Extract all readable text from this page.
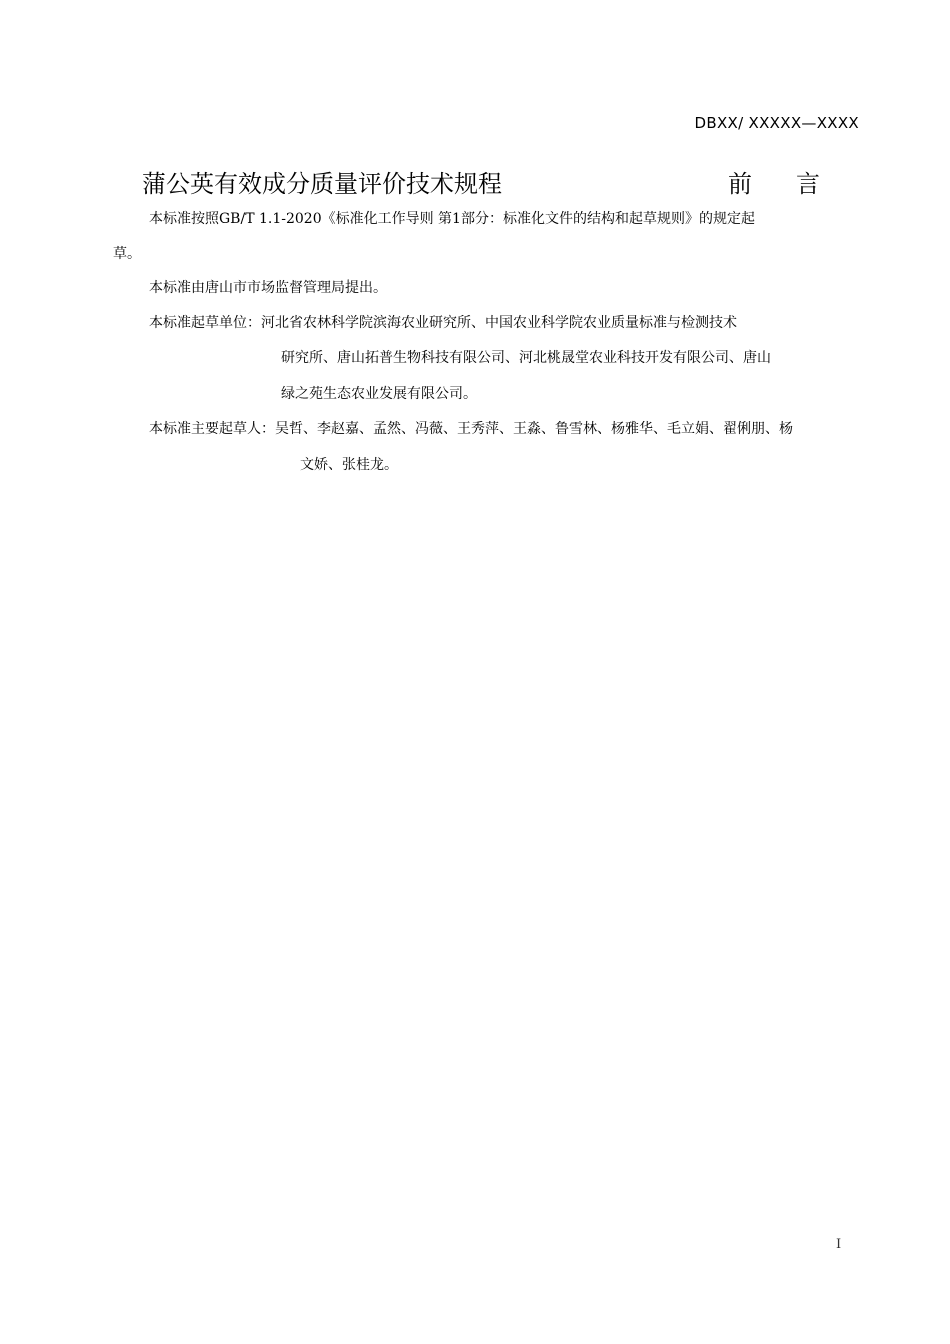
DBXX/ XXXXX—XXXX
蒲公英有效成分质量评价技术规程	前 言
本标准按照GB/T 1.1-2020《标准化工作导则 第1部分：标准化文件的结构和起草规则》的规定起
草。
本标准由唐山市市场监督管理局提出。
本标准起草单位：河北省农林科学院滨海农业研究所、中国农业科学院农业质量标准与检测技术
研究所、唐山拓普生物科技有限公司、河北桃晟堂农业科技开发有限公司、唐山
绿之苑生态农业发展有限公司。
本标准主要起草人：吴哲、李赵嘉、孟然、冯薇、王秀萍、王淼、鲁雪林、杨雅华、毛立娟、翟俐朋、杨
文娇、张桂龙。
I
